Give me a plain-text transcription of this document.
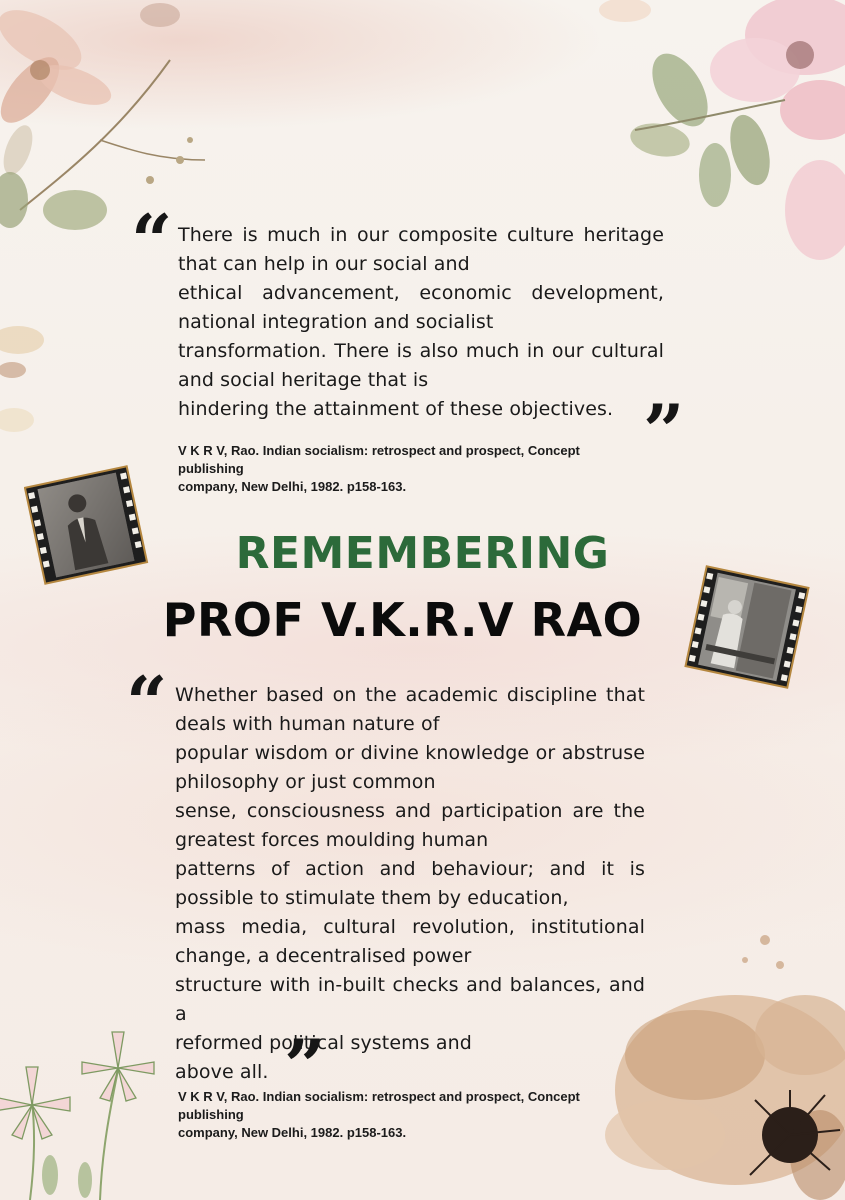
“ There is much in our composite culture heritage
that can help in our social and
ethical advancement, economic development,
national integration and socialist
transformation. There is also much in our cultural
and social heritage that is
hindering the attainment of these objectives. ”
V K R V, Rao. Indian socialism: retrospect and prospect, Concept
publishing
company, New Delhi, 1982. p158-163.
REMEMBERING
PROF V.K.R.V RAO
“ Whether based on the academic discipline that
deals with human nature of
popular wisdom or divine knowledge or abstruse
philosophy or just common
sense, consciousness and participation are the
greatest forces moulding human
patterns of action and behaviour; and it is
possible to stimulate them by education,
mass media, cultural revolution, institutional
change, a decentralised power
structure with in-built checks and balances, and a
reformed political systems and
above all. ”
V K R V, Rao. Indian socialism: retrospect and prospect, Concept
publishing
company, New Delhi, 1982. p158-163.
